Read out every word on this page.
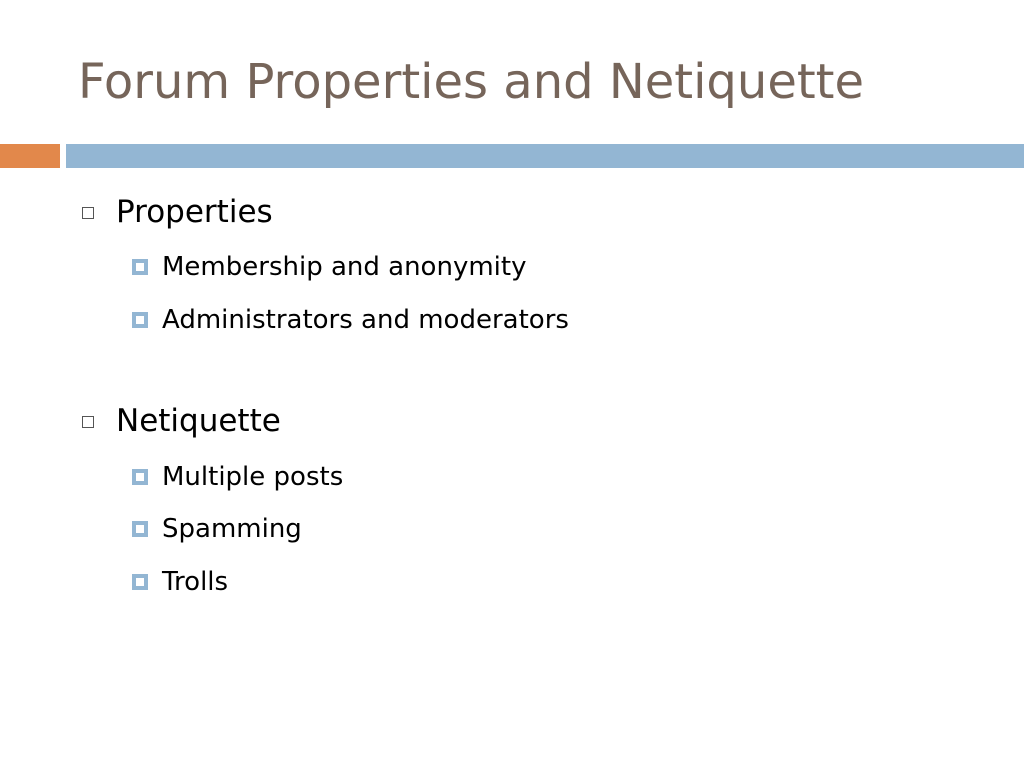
Forum Properties and Netiquette
Properties
Membership and anonymity
Administrators and moderators
Netiquette
Multiple posts
Spamming
Trolls
